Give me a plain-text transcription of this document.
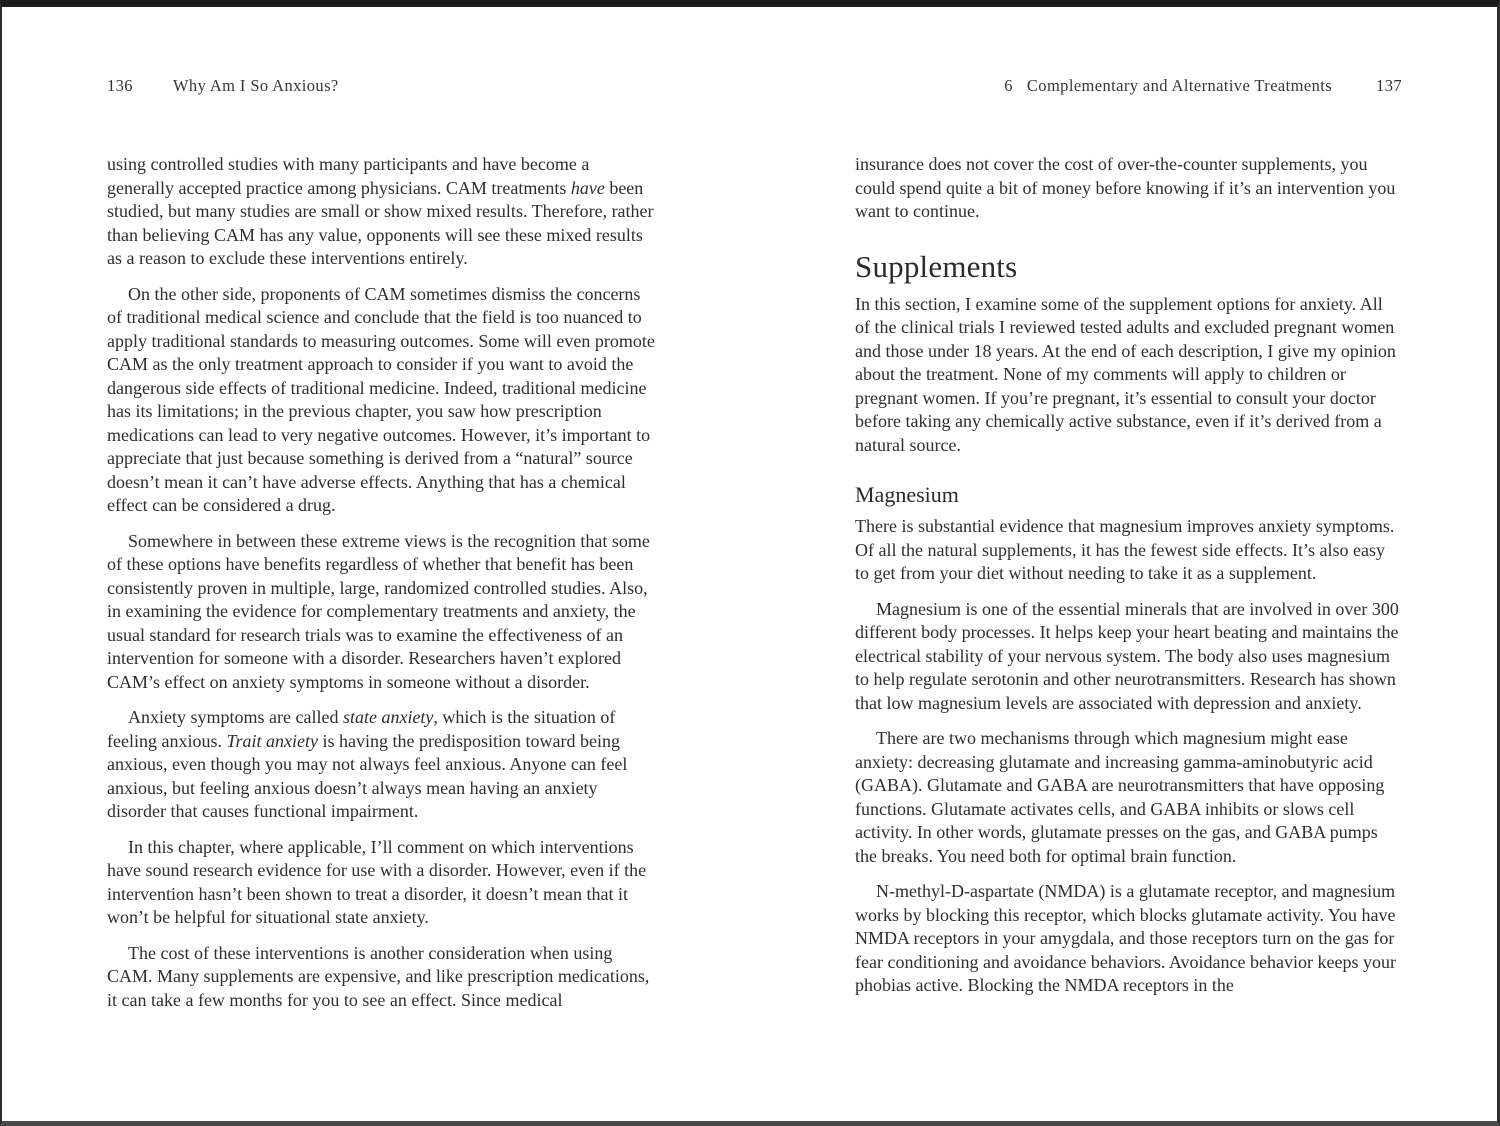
136 Why Am I So Anxious?

using controlled studies with many participants and have become a generally accepted practice among physicians. CAM treatments have been studied, but many studies are small or show mixed results. Therefore, rather than believing CAM has any value, opponents will see these mixed results as a reason to exclude these interventions entirely.

On the other side, proponents of CAM sometimes dismiss the concerns of traditional medical science and conclude that the field is too nuanced to apply traditional standards to measuring outcomes. Some will even promote CAM as the only treatment approach to consider if you want to avoid the dangerous side effects of traditional medicine. Indeed, traditional medicine has its limitations; in the previous chapter, you saw how prescription medications can lead to very negative outcomes. However, it’s important to appreciate that just because something is derived from a “natural” source doesn’t mean it can’t have adverse effects. Anything that has a chemical effect can be considered a drug.

Somewhere in between these extreme views is the recognition that some of these options have benefits regardless of whether that benefit has been consistently proven in multiple, large, randomized controlled studies. Also, in examining the evidence for complementary treatments and anxiety, the usual standard for research trials was to examine the effectiveness of an intervention for someone with a disorder. Researchers haven’t explored CAM’s effect on anxiety symptoms in someone without a disorder.

Anxiety symptoms are called state anxiety, which is the situation of feeling anxious. Trait anxiety is having the predisposition toward being anxious, even though you may not always feel anxious. Anyone can feel anxious, but feeling anxious doesn’t always mean having an anxiety disorder that causes functional impairment.

In this chapter, where applicable, I’ll comment on which interventions have sound research evidence for use with a disorder. However, even if the intervention hasn’t been shown to treat a disorder, it doesn’t mean that it won’t be helpful for situational state anxiety.

The cost of these interventions is another consideration when using CAM. Many supplements are expensive, and like prescription medications, it can take a few months for you to see an effect. Since medical

6 Complementary and Alternative Treatments	137

insurance does not cover the cost of over-the-counter supplements, you could spend quite a bit of money before knowing if it’s an intervention you want to continue.

Supplements

In this section, I examine some of the supplement options for anxiety. All of the clinical trials I reviewed tested adults and excluded pregnant women and those under 18 years. At the end of each description, I give my opinion about the treatment. None of my comments will apply to children or pregnant women. If you’re pregnant, it’s essential to consult your doctor before taking any chemically active substance, even if it’s derived from a natural source.

Magnesium

There is substantial evidence that magnesium improves anxiety symptoms. Of all the natural supplements, it has the fewest side effects. It’s also easy to get from your diet without needing to take it as a supplement.

Magnesium is one of the essential minerals that are involved in over 300 different body processes. It helps keep your heart beating and maintains the electrical stability of your nervous system. The body also uses magnesium to help regulate serotonin and other neurotransmitters. Research has shown that low magnesium levels are associated with depression and anxiety.

There are two mechanisms through which magnesium might ease anxiety: decreasing glutamate and increasing gamma-aminobutyric acid (GABA). Glutamate and GABA are neurotransmitters that have opposing functions. Glutamate activates cells, and GABA inhibits or slows cell activity. In other words, glutamate presses on the gas, and GABA pumps the breaks. You need both for optimal brain function.

N-methyl-D-aspartate (NMDA) is a glutamate receptor, and magnesium works by blocking this receptor, which blocks glutamate activity. You have NMDA receptors in your amygdala, and those receptors turn on the gas for fear conditioning and avoidance behaviors. Avoidance behavior keeps your phobias active. Blocking the NMDA receptors in the
